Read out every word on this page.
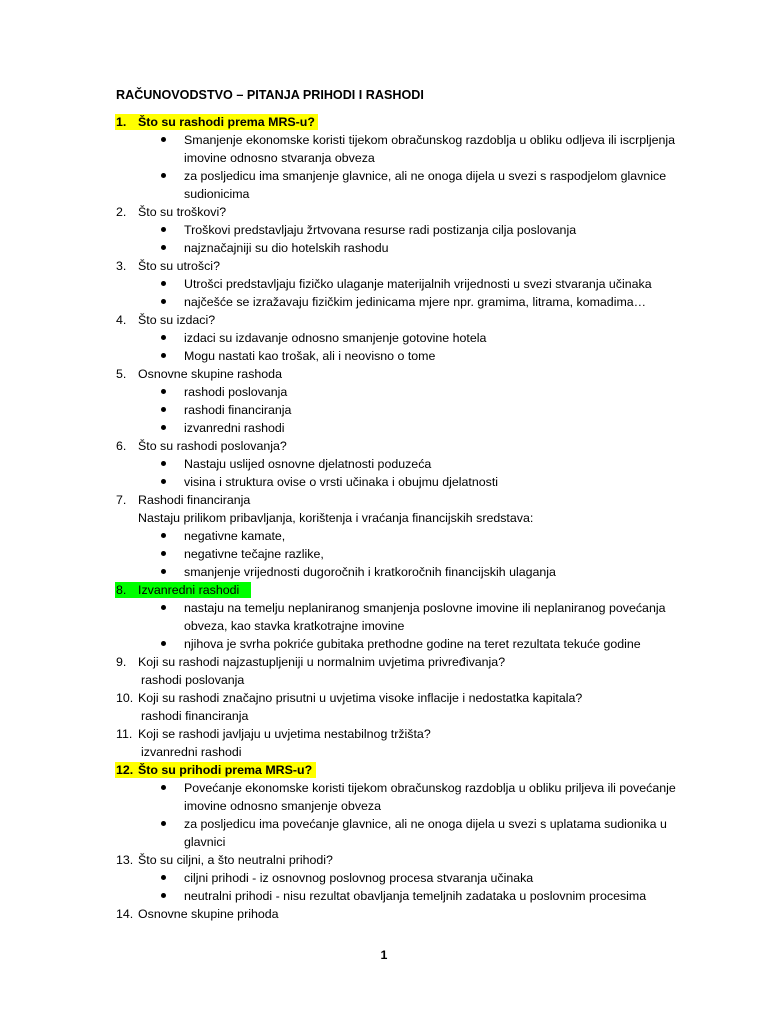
RAČUNOVODSTVO – PITANJA PRIHODI I RASHODI
1. Što su rashodi prema MRS-u?
Smanjenje ekonomske koristi tijekom obračunskog razdoblja u obliku odljeva ili iscrpljenja imovine odnosno stvaranja obveza
za posljedicu ima smanjenje glavnice, ali ne onoga dijela u svezi s raspodjelom glavnice sudionicima
2. Što su troškovi?
Troškovi predstavljaju žrtvovana resurse radi postizanja cilja poslovanja
najznačajniji su dio hotelskih rashodu
3. Što su utrošci?
Utrošci predstavljaju fizičko ulaganje materijalnih vrijednosti u svezi stvaranja učinaka
najčešće se izražavaju fizičkim jedinicama mjere npr. gramima, litrama, komadima…
4. Što su izdaci?
izdaci su izdavanje odnosno smanjenje gotovine hotela
Mogu nastati kao trošak, ali i neovisno o tome
5. Osnovne skupine rashoda
rashodi poslovanja
rashodi financiranja
izvanredni rashodi
6. Što su rashodi poslovanja?
Nastaju uslijed osnovne djelatnosti poduzeća
visina i struktura ovise o vrsti učinaka i obujmu djelatnosti
7. Rashodi financiranja
Nastaju prilikom pribavljanja, korištenja i vraćanja financijskih sredstava:
negativne kamate,
negativne tečajne razlike,
smanjenje vrijednosti dugoročnih i kratkoročnih financijskih ulaganja
8. Izvanredni rashodi
nastaju na temelju neplaniranog smanjenja poslovne imovine ili neplaniranog povećanja obveza, kao stavka kratkotrajne imovine
njihova je svrha pokriće gubitaka prethodne godine na teret rezultata tekuće godine
9. Koji su rashodi najzastupljeniji u normalnim uvjetima privređivanja?
rashodi poslovanja
10. Koji su rashodi značajno prisutni u uvjetima visoke inflacije i nedostatka kapitala?
rashodi financiranja
11. Koji se rashodi javljaju u uvjetima nestabilnog tržišta?
izvanredni rashodi
12. Što su prihodi prema MRS-u?
Povećanje ekonomske koristi tijekom obračunskog razdoblja u obliku priljeva ili povećanje imovine odnosno smanjenje obveza
za posljedicu ima povećanje glavnice, ali ne onoga dijela u svezi s uplatama sudionika u glavnici
13. Što su ciljni, a što neutralni prihodi?
ciljni prihodi - iz osnovnog poslovnog procesa stvaranja učinaka
neutralni prihodi - nisu rezultat obavljanja temeljnih zadataka u poslovnim procesima
14. Osnovne skupine prihoda
1
